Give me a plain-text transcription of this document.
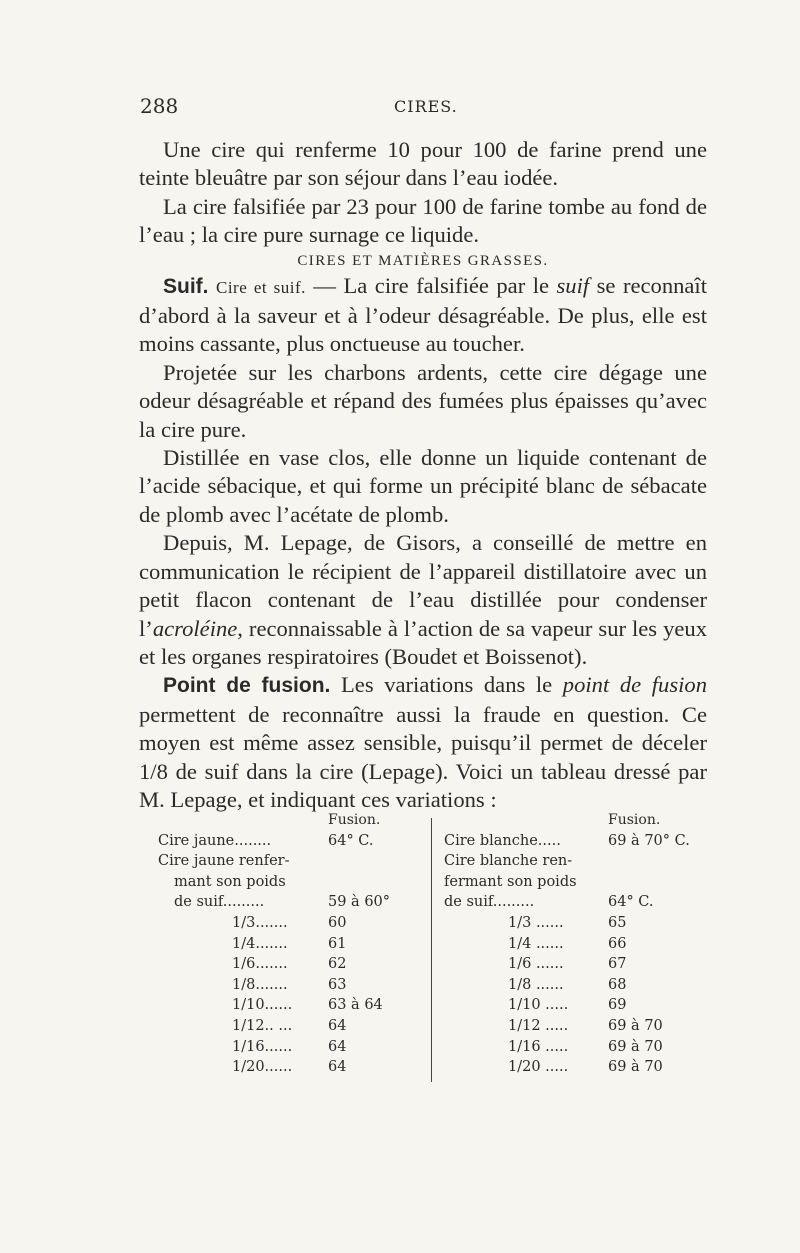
288	CIRES.

Une cire qui renferme 10 pour 100 de farine prend une teinte bleuâtre par son séjour dans l’eau iodée.

La cire falsifiée par 23 pour 100 de farine tombe au fond de l’eau ; la cire pure surnage ce liquide.

CIRES ET MATIÈRES GRASSES.

Suif. Cire et suif. — La cire falsifiée par le suif se reconnaît d’abord à la saveur et à l’odeur désagréable. De plus, elle est moins cassante, plus onctueuse au toucher.

Projetée sur les charbons ardents, cette cire dégage une odeur désagréable et répand des fumées plus épaisses qu’avec la cire pure.

Distillée en vase clos, elle donne un liquide contenant de l’acide sébacique, et qui forme un précipité blanc de sébacate de plomb avec l’acétate de plomb.

Depuis, M. Lepage, de Gisors, a conseillé de mettre en communication le récipient de l’appareil distillatoire avec un petit flacon contenant de l’eau distillée pour condenser l’acroléine, reconnaissable à l’action de sa vapeur sur les yeux et les organes respiratoires (Boudet et Boissenot).

Point de fusion. Les variations dans le point de fusion permettent de reconnaître aussi la fraude en question. Ce moyen est même assez sensible, puisqu’il permet de déceler 1/8 de suif dans la cire (Lepage). Voici un tableau dressé par M. Lepage, et indiquant ces variations :

Fusion.
Cire jaune........	64° C.
Cire jaune renfer-
mant son poids
de suif.........	59 à 60°
1/3.......	60
1/4.......	61
1/6.......	62
1/8.......	63
1/10...... 63 à 64
1/12.. ... 64
1/16...... 64
1/20...... 64
Fusion.
Cire blanche.....	69 à 70° C.
Cire blanche ren-
fermant son poids
de suif.........	64° C.
1/3 ......	65
1/4 ......	66
1/6 ......	67
1/8 ......	68
1/10 .....	69
1/12 .....	69 à 70
1/16 .....	69 à 70
1/20 .....	69 à 70
